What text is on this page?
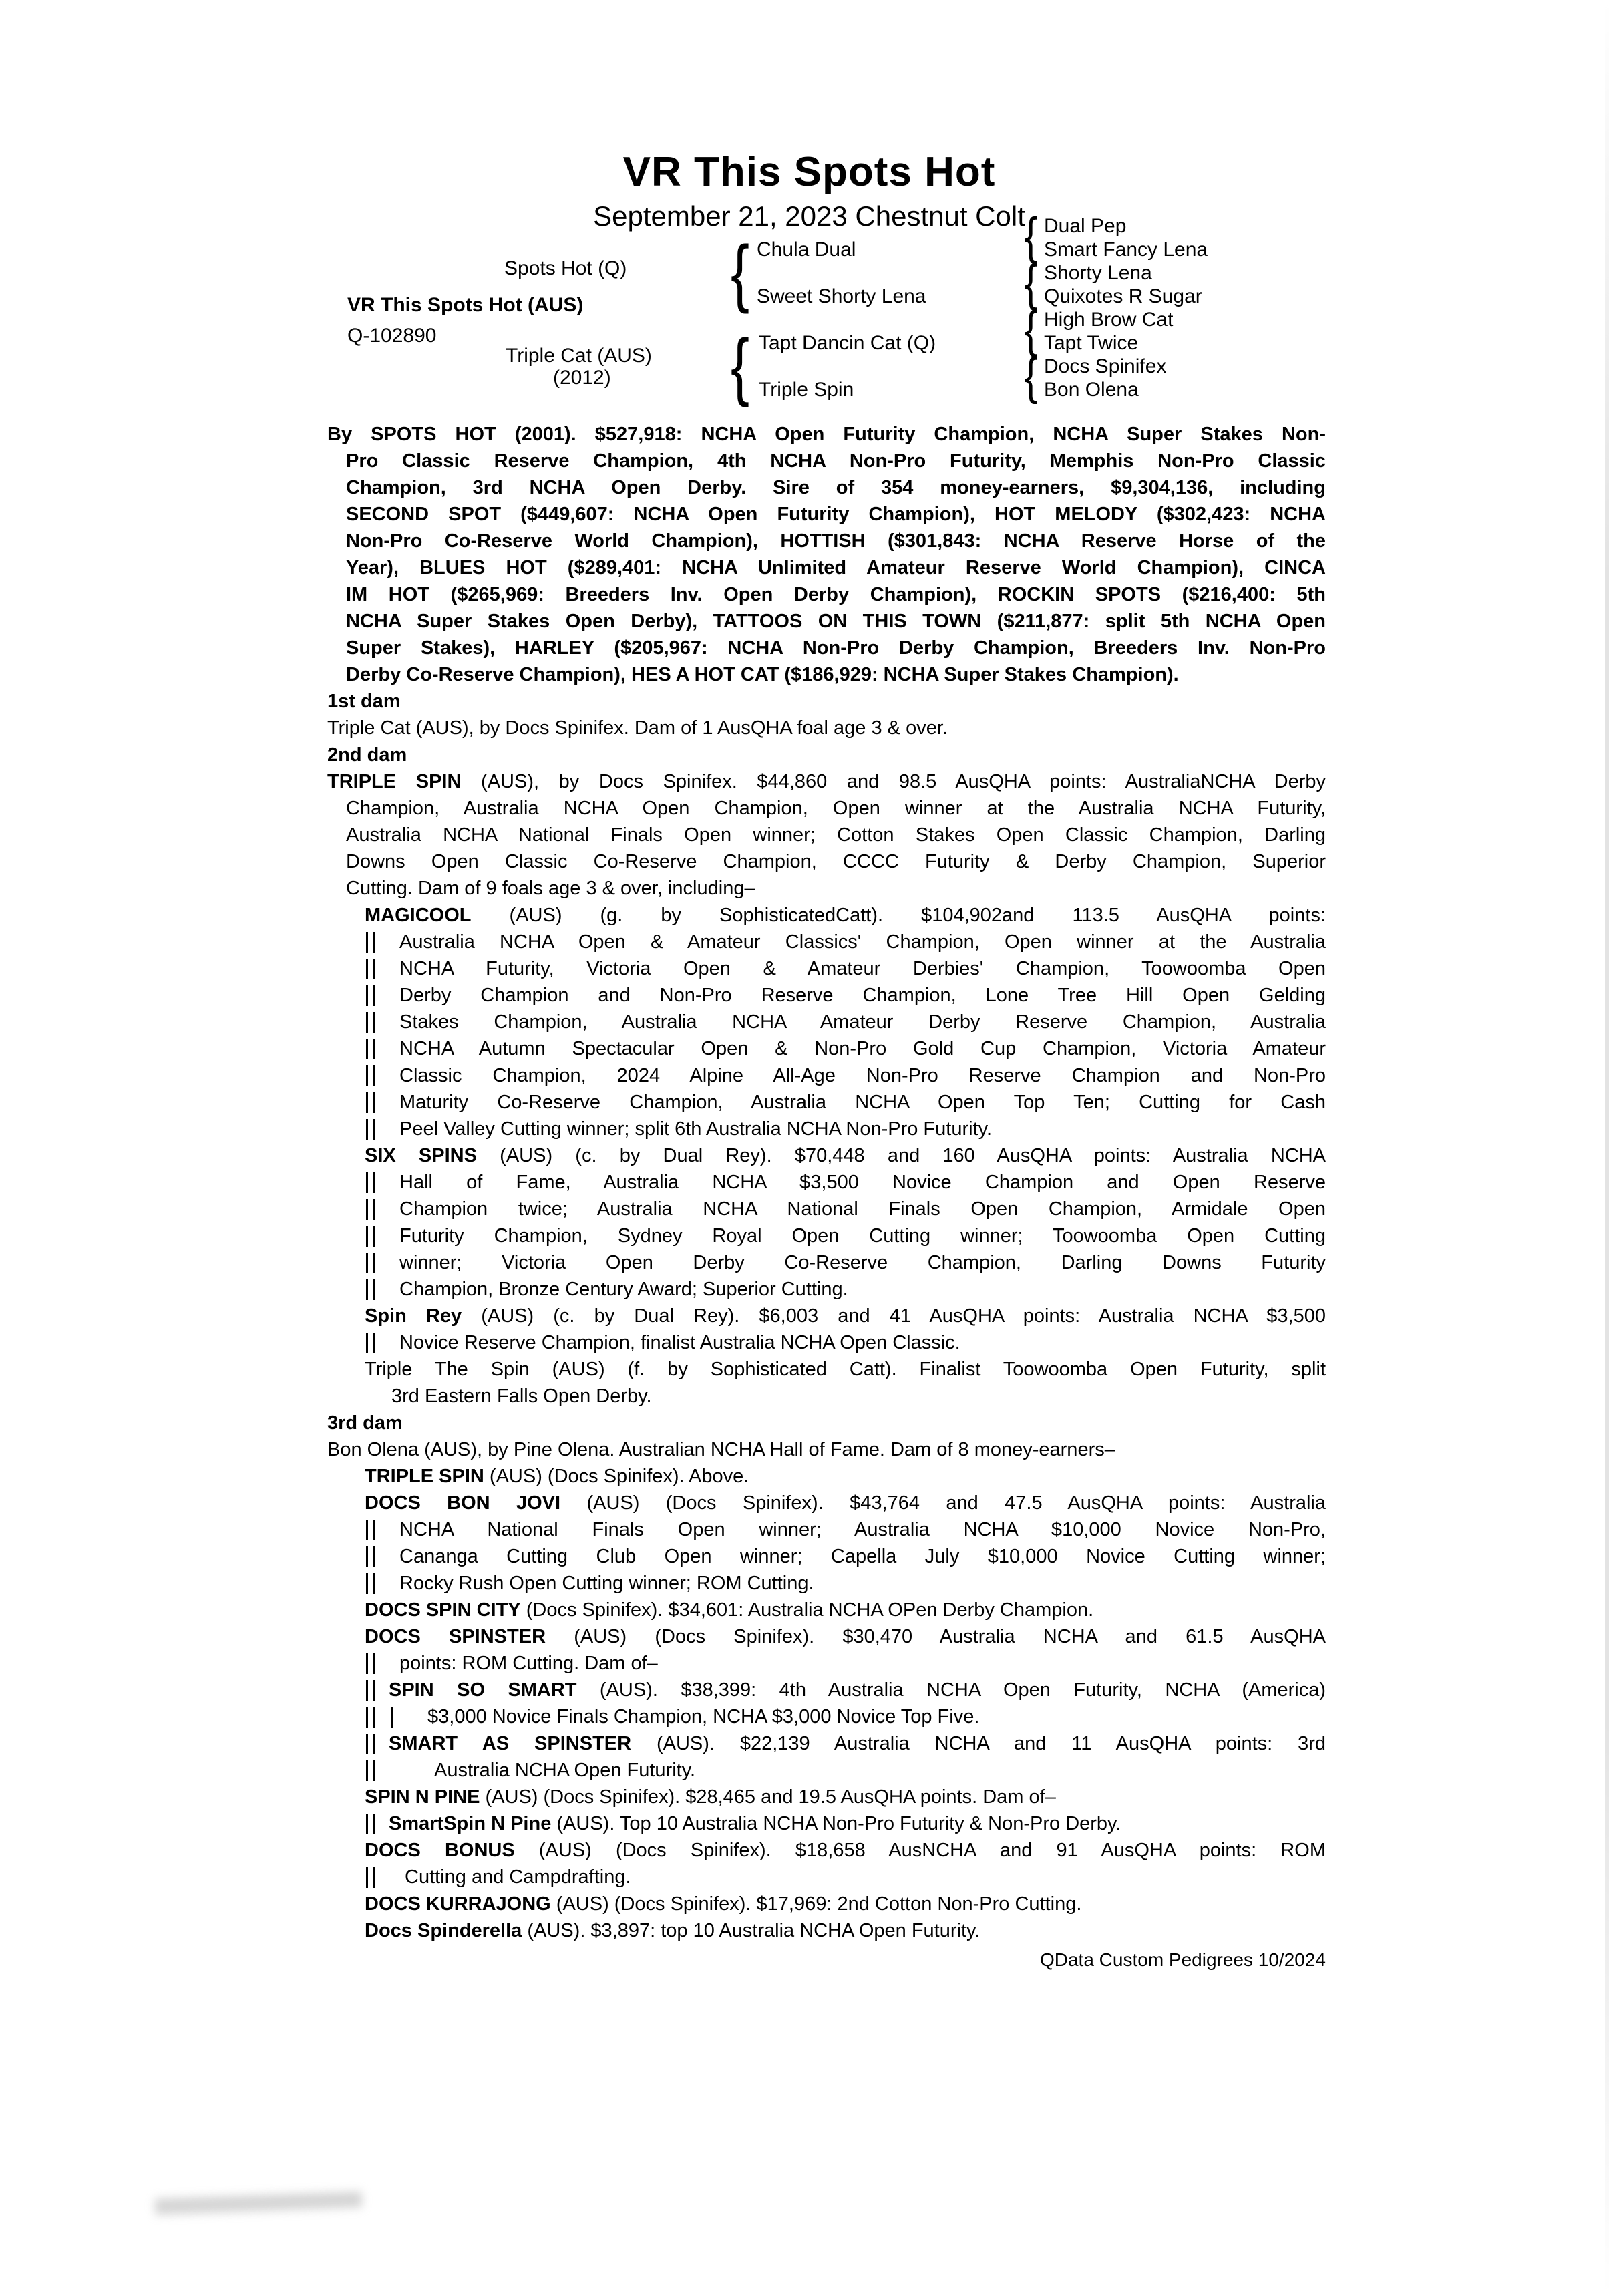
VR This Spots Hot
September 21, 2023 Chestnut Colt
VR This Spots Hot (AUS)
Q-102890
Spots Hot (Q)
Triple Cat (AUS)
(2012)
Chula Dual
Sweet Shorty Lena
Tapt Dancin Cat (Q)
Triple Spin
Dual Pep
Smart Fancy Lena
Shorty Lena
Quixotes R Sugar
High Brow Cat
Tapt Twice
Docs Spinifex
Bon Olena
{
{
{
{
{
{
By SPOTS HOT (2001). $527,918: NCHA Open Futurity Champion, NCHA Super Stakes Non-
Pro Classic Reserve Champion, 4th NCHA Non-Pro Futurity, Memphis Non-Pro Classic
Champion, 3rd NCHA Open Derby. Sire of 354 money-earners, $9,304,136, including
SECOND SPOT ($449,607: NCHA Open Futurity Champion), HOT MELODY ($302,423: NCHA
Non-Pro Co-Reserve World Champion), HOTTISH ($301,843: NCHA Reserve Horse of the
Year), BLUES HOT ($289,401: NCHA Unlimited Amateur Reserve World Champion), CINCA
IM HOT ($265,969: Breeders Inv. Open Derby Champion), ROCKIN SPOTS ($216,400: 5th
NCHA Super Stakes Open Derby), TATTOOS ON THIS TOWN ($211,877: split 5th NCHA Open
Super Stakes), HARLEY ($205,967: NCHA Non-Pro Derby Champion, Breeders Inv. Non-Pro
Derby Co-Reserve Champion), HES A HOT CAT ($186,929: NCHA Super Stakes Champion).
1st dam
Triple Cat (AUS), by Docs Spinifex. Dam of 1 AusQHA foal age 3 & over.
2nd dam
TRIPLE SPIN (AUS), by Docs Spinifex. $44,860 and 98.5 AusQHA points: AustraliaNCHA Derby
Champion, Australia NCHA Open Champion, Open winner at the Australia NCHA Futurity,
Australia NCHA National Finals Open winner; Cotton Stakes Open Classic Champion, Darling
Downs Open Classic Co-Reserve Champion, CCCC Futurity & Derby Champion, Superior
Cutting. Dam of 9 foals age 3 & over, including–
MAGICOOL (AUS) (g. by SophisticatedCatt). $104,902and 113.5 AusQHA points:
Australia NCHA Open & Amateur Classics' Champion, Open winner at the Australia
NCHA Futurity, Victoria Open & Amateur Derbies' Champion, Toowoomba Open
Derby Champion and Non-Pro Reserve Champion, Lone Tree Hill Open Gelding
Stakes Champion, Australia NCHA Amateur Derby Reserve Champion, Australia
NCHA Autumn Spectacular Open & Non-Pro Gold Cup Champion, Victoria Amateur
Classic Champion, 2024 Alpine All-Age Non-Pro Reserve Champion and Non-Pro
Maturity Co-Reserve Champion, Australia NCHA Open Top Ten; Cutting for Cash
Peel Valley Cutting winner; split 6th Australia NCHA Non-Pro Futurity.
SIX SPINS (AUS) (c. by Dual Rey). $70,448 and 160 AusQHA points: Australia NCHA
Hall of Fame, Australia NCHA $3,500 Novice Champion and Open Reserve
Champion twice; Australia NCHA National Finals Open Champion, Armidale Open
Futurity Champion, Sydney Royal Open Cutting winner; Toowoomba Open Cutting
winner; Victoria Open Derby Co-Reserve Champion, Darling Downs Futurity
Champion, Bronze Century Award; Superior Cutting.
Spin Rey (AUS) (c. by Dual Rey). $6,003 and 41 AusQHA points: Australia NCHA $3,500
Novice Reserve Champion, finalist Australia NCHA Open Classic.
Triple The Spin (AUS) (f. by Sophisticated Catt). Finalist Toowoomba Open Futurity, split
3rd Eastern Falls Open Derby.
3rd dam
Bon Olena (AUS), by Pine Olena. Australian NCHA Hall of Fame. Dam of 8 money-earners–
TRIPLE SPIN (AUS) (Docs Spinifex). Above.
DOCS BON JOVI (AUS) (Docs Spinifex). $43,764 and 47.5 AusQHA points: Australia
NCHA National Finals Open winner; Australia NCHA $10,000 Novice Non-Pro,
Cananga Cutting Club Open winner; Capella July $10,000 Novice Cutting winner;
Rocky Rush Open Cutting winner; ROM Cutting.
DOCS SPIN CITY (Docs Spinifex). $34,601: Australia NCHA OPen Derby Champion.
DOCS SPINSTER (AUS) (Docs Spinifex). $30,470 Australia NCHA and 61.5 AusQHA
points: ROM Cutting. Dam of–
SPIN SO SMART (AUS). $38,399: 4th Australia NCHA Open Futurity, NCHA (America)
$3,000 Novice Finals Champion, NCHA $3,000 Novice Top Five.
SMART AS SPINSTER (AUS). $22,139 Australia NCHA and 11 AusQHA points: 3rd
Australia NCHA Open Futurity.
SPIN N PINE (AUS) (Docs Spinifex). $28,465 and 19.5 AusQHA points. Dam of–
SmartSpin N Pine (AUS). Top 10 Australia NCHA Non-Pro Futurity & Non-Pro Derby.
DOCS BONUS (AUS) (Docs Spinifex). $18,658 AusNCHA and 91 AusQHA points: ROM
Cutting and Campdrafting.
DOCS KURRAJONG (AUS) (Docs Spinifex). $17,969: 2nd Cotton Non-Pro Cutting.
Docs Spinderella (AUS). $3,897: top 10 Australia NCHA Open Futurity.
QData Custom Pedigrees 10/2024
